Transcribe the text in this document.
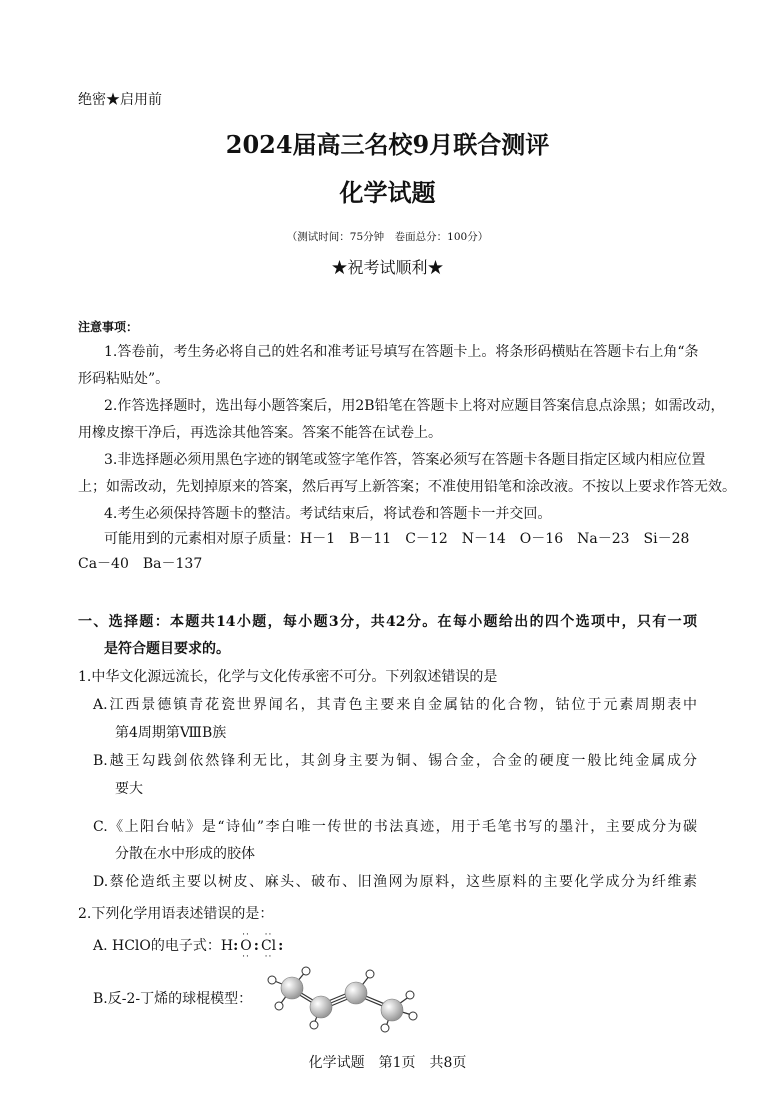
绝密★启用前
2024届高三名校9月联合测评
化学试题
（测试时间：75分钟　卷面总分：100分）
★祝考试顺利★
注意事项：
1.答卷前，考生务必将自己的姓名和准考证号填写在答题卡上。将条形码横贴在答题卡右上角“条
形码粘贴处”。
2.作答选择题时，选出每小题答案后，用2B铅笔在答题卡上将对应题目答案信息点涂黑；如需改动，
用橡皮擦干净后，再选涂其他答案。答案不能答在试卷上。
3.非选择题必须用黑色字迹的钢笔或签字笔作答，答案必须写在答题卡各题目指定区域内相应位置
上；如需改动，先划掉原来的答案，然后再写上新答案；不准使用铅笔和涂改液。不按以上要求作答无效。
4.考生必须保持答题卡的整洁。考试结束后，将试卷和答题卡一并交回。
可能用到的元素相对原子质量：H－1　B－11　C－12　N－14　O－16　Na－23　Si－28
Ca－40　Ba－137
一、选择题：本题共14小题，每小题3分，共42分。在每小题给出的四个选项中，只有一项
是符合题目要求的。
1.中华文化源远流长，化学与文化传承密不可分。下列叙述错误的是
A.江西景德镇青花瓷世界闻名，其青色主要来自金属钴的化合物，钴位于元素周期表中
第4周期第ⅧB族
B.越王勾践剑依然锋利无比，其剑身主要为铜、锡合金，合金的硬度一般比纯金属成分
要大
C.《上阳台帖》是“诗仙”李白唯一传世的书法真迹，用于毛笔书写的墨汁，主要成分为碳
分散在水中形成的胶体
D.蔡伦造纸主要以树皮、麻头、破布、旧渔网为原料，这些原料的主要化学成分为纤维素
2.下列化学用语表述错误的是：
A. HClO的电子式：H:
··
O
··
:
··
Cl
··
:
B.反-2-丁烯的球棍模型：
化学试题　第1页　共8页
